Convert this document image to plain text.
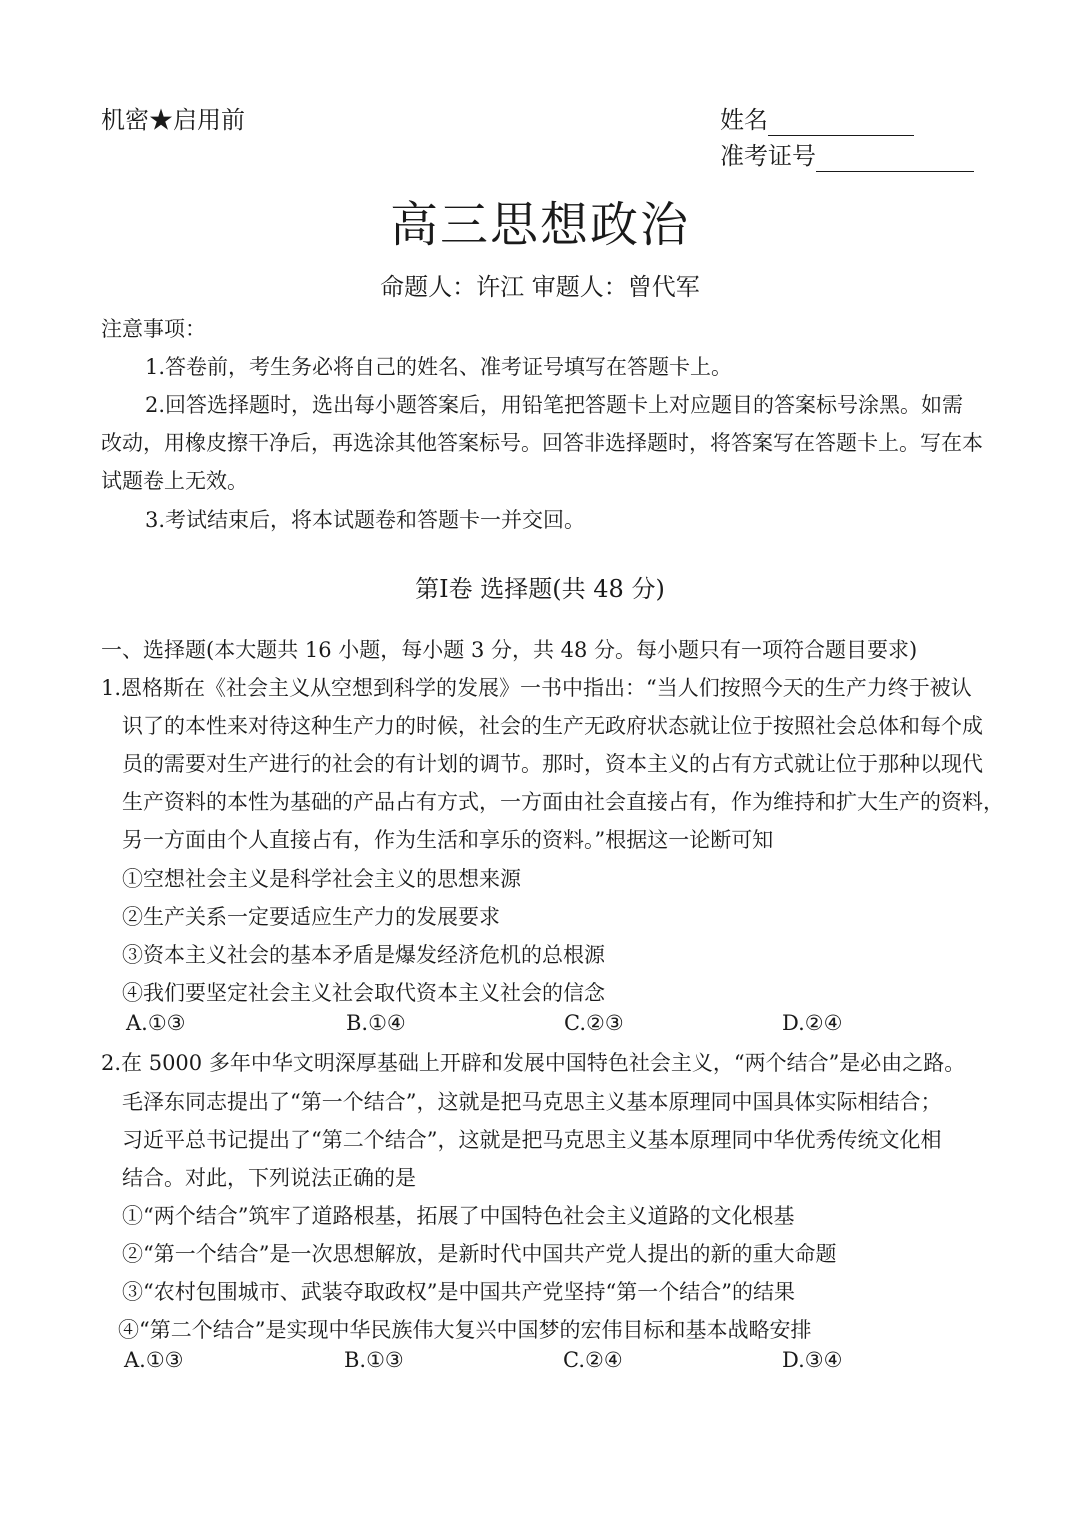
机密★启用前	姓名
准考证号
高三思想政治
命题人：许江 审题人：曾代军
注意事项：
1.答卷前，考生务必将自己的姓名、准考证号填写在答题卡上。
2.回答选择题时，选出每小题答案后，用铅笔把答题卡上对应题目的答案标号涂黑。如需
改动，用橡皮擦干净后，再选涂其他答案标号。回答非选择题时，将答案写在答题卡上。写在本
试题卷上无效。
3.考试结束后，将本试题卷和答题卡一并交回。
第Ⅰ卷 选择题(共 48 分)
一、选择题(本大题共 16 小题，每小题 3 分，共 48 分。每小题只有一项符合题目要求)
1.恩格斯在《社会主义从空想到科学的发展》一书中指出：“当人们按照今天的生产力终于被认
识了的本性来对待这种生产力的时候，社会的生产无政府状态就让位于按照社会总体和每个成
员的需要对生产进行的社会的有计划的调节。那时，资本主义的占有方式就让位于那种以现代
生产资料的本性为基础的产品占有方式，一方面由社会直接占有，作为维持和扩大生产的资料，
另一方面由个人直接占有，作为生活和享乐的资料。”根据这一论断可知
①空想社会主义是科学社会主义的思想来源
②生产关系一定要适应生产力的发展要求
③资本主义社会的基本矛盾是爆发经济危机的总根源
④我们要坚定社会主义社会取代资本主义社会的信念
A.①③	B.①④	C.②③	D.②④
2.在 5000 多年中华文明深厚基础上开辟和发展中国特色社会主义，“两个结合”是必由之路。
毛泽东同志提出了“第一个结合”，这就是把马克思主义基本原理同中国具体实际相结合；
习近平总书记提出了“第二个结合”，这就是把马克思主义基本原理同中华优秀传统文化相
结合。对此，下列说法正确的是
①“两个结合”筑牢了道路根基，拓展了中国特色社会主义道路的文化根基
②“第一个结合”是一次思想解放，是新时代中国共产党人提出的新的重大命题
③“农村包围城市、武装夺取政权”是中国共产党坚持“第一个结合”的结果
④“第二个结合”是实现中华民族伟大复兴中国梦的宏伟目标和基本战略安排
A.①③	B.①③	C.②④	D.③④
